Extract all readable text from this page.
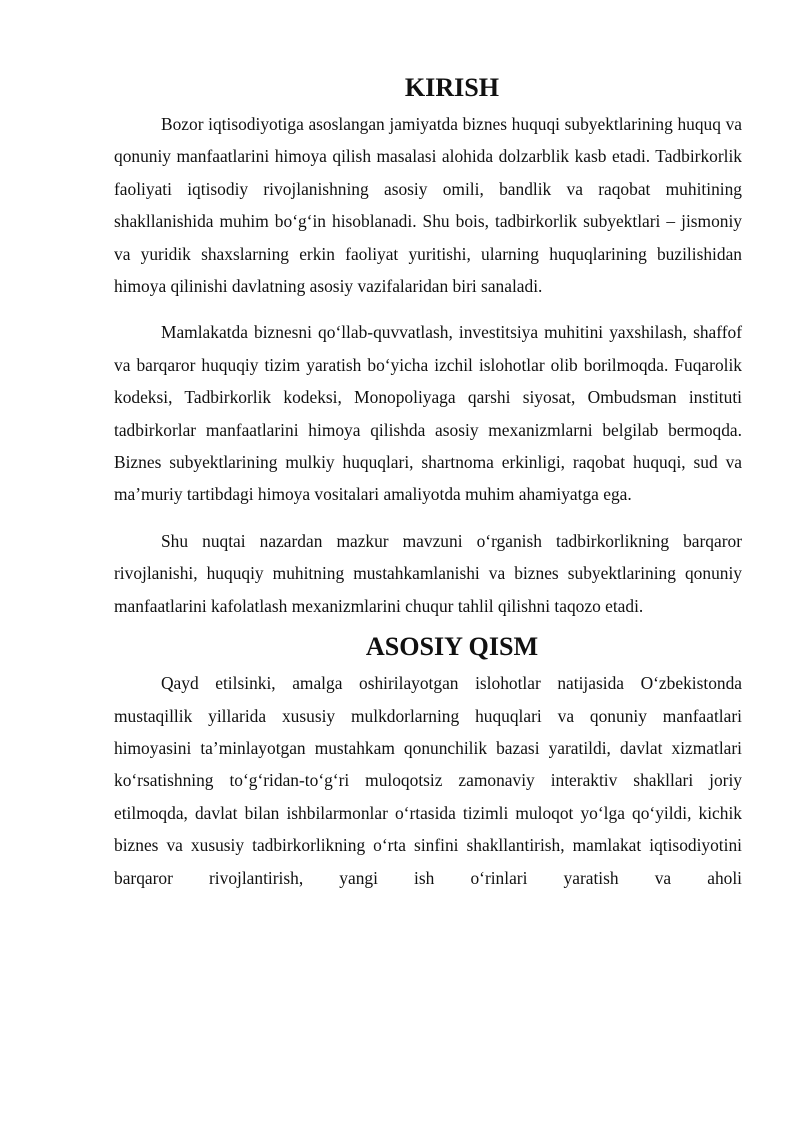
KIRISH

Bozor iqtisodiyotiga asoslangan jamiyatda biznes huquqi subyektlarining huquq va qonuniy manfaatlarini himoya qilish masalasi alohida dolzarblik kasb etadi. Tadbirkorlik faoliyati iqtisodiy rivojlanishning asosiy omili, bandlik va raqobat muhitining shakllanishida muhim bo‘g‘in hisoblanadi. Shu bois, tadbirkorlik subyektlari – jismoniy va yuridik shaxslarning erkin faoliyat yuritishi, ularning huquqlarining buzilishidan himoya qilinishi davlatning asosiy vazifalaridan biri sanaladi.

Mamlakatda biznesni qo‘llab-quvvatlash, investitsiya muhitini yaxshilash, shaffof va barqaror huquqiy tizim yaratish bo‘yicha izchil islohotlar olib borilmoqda. Fuqarolik kodeksi, Tadbirkorlik kodeksi, Monopoliyaga qarshi siyosat, Ombudsman instituti tadbirkorlar manfaatlarini himoya qilishda asosiy mexanizmlarni belgilab bermoqda. Biznes subyektlarining mulkiy huquqlari, shartnoma erkinligi, raqobat huquqi, sud va ma’muriy tartibdagi himoya vositalari amaliyotda muhim ahamiyatga ega.

Shu nuqtai nazardan mazkur mavzuni o‘rganish tadbirkorlikning barqaror rivojlanishi, huquqiy muhitning mustahkamlanishi va biznes subyektlarining qonuniy manfaatlarini kafolatlash mexanizmlarini chuqur tahlil qilishni taqozo etadi.

ASOSIY QISM

Qayd etilsinki, amalga oshirilayotgan islohotlar natijasida O‘zbekistonda mustaqillik yillarida xususiy mulkdorlarning huquqlari va qonuniy manfaatlari himoyasini ta’minlayotgan mustahkam qonunchilik bazasi yaratildi, davlat xizmatlari ko‘rsatishning to‘g‘ridan-to‘g‘ri muloqotsiz zamonaviy interaktiv shakllari joriy etilmoqda, davlat bilan ishbilarmonlar o‘rtasida tizimli muloqot yo‘lga qo‘yildi, kichik biznes va xususiy tadbirkorlikning o‘rta sinfini shakllantirish, mamlakat iqtisodiyotini barqaror rivojlantirish, yangi ish o‘rinlari yaratish va aholi
